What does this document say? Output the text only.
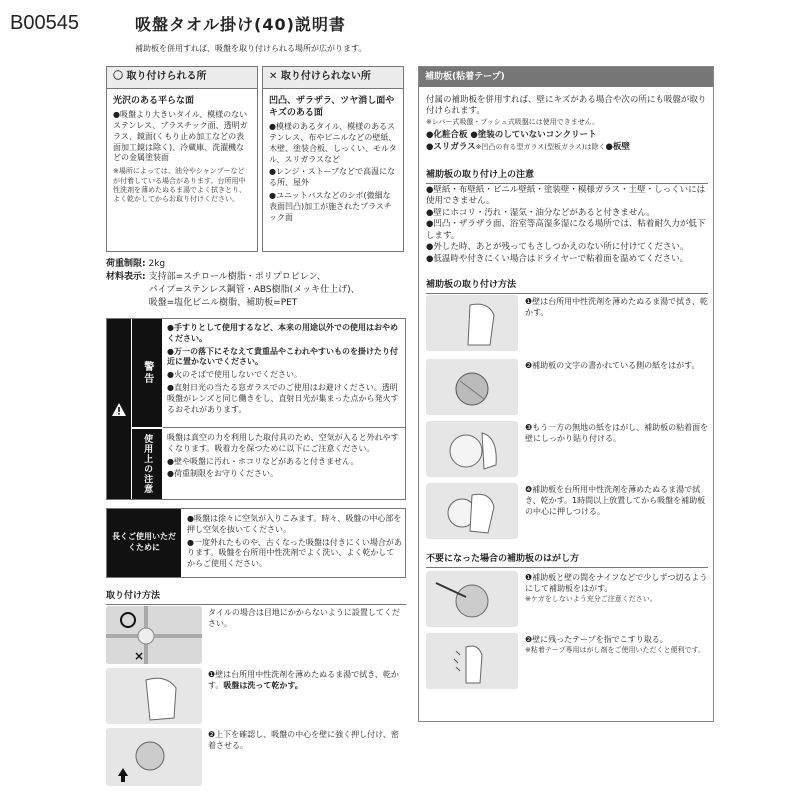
B00545	吸盤タオル掛け(40)説明書
補助板を併用すれば、吸盤を取り付けられる場所が広がります。
〇 取り付けられる所
光沢のある平らな面
●吸盤より大きいタイル、模様のないステンレス、プラスチック面、透明ガラス、鏡面(くもり止め加工などの表面加工鏡は除く)、冷蔵庫、洗濯機などの金属塗装面
※場所によっては、油分やシャンプーなどが付着している場合があります。台所用中性洗剤を薄めたぬるま湯でよく拭きとり、よく乾かしてからお取り付けください。
✕ 取り付けられない所
凹凸、ザラザラ、ツヤ消し面やキズのある面
●模様のあるタイル、模様のあるステンレス、布やビニルなどの壁紙、木壁、塗装合板、しっくい、モルタル、スリガラスなど
●レンジ・ストーブなどで高温になる所、屋外
●ユニットバスなどのシボ(微細な表面凹凸)加工が施されたプラスチック面
荷重制限: 2kg
材料表示: 支持部=スチロール樹脂・ポリプロピレン、
パイプ=ステンレス鋼管・ABS樹脂(メッキ仕上げ)、
吸盤=塩化ビニル樹脂、補助板=PET
警告
使用上の注意
●手すりとして使用するなど、本来の用途以外での使用はおやめください。
●万一の落下にそなえて貴重品やこわれやすいものを掛けたり付近に置かないでください。
●火のそばで使用しないでください。
●直射日光の当たる窓ガラスでのご使用はお避けください。透明吸盤がレンズと同じ働きをし、直射日光が集まった点から発火するおそれがあります。
吸盤は真空の力を利用した取付具のため、空気が入ると外れやすくなります。吸着力を保つために以下にご注意ください。
●壁や吸盤に汚れ・ホコリなどがあると付きません。
●荷重制限をお守りください。
長くご使用いただくために
●吸盤は徐々に空気が入りこみます。時々、吸盤の中心部を押し空気を抜いてください。
●一度外れたものや、古くなった吸盤は付きにくい場合があります。吸盤を台所用中性洗剤でよく洗い、よく乾かしてからご使用ください。
取り付け方法
×
タイルの場合は目地にかからないように設置してください。
❶壁は台所用中性洗剤を薄めたぬるま湯で拭き、乾かす。吸盤は洗って乾かす。
❷上下を確認し、吸盤の中心を壁に強く押し付け、密着させる。
補助板(粘着テープ)
付属の補助板を併用すれば、壁にキズがある場合や次の所にも吸盤が取り付けられます。
※レバー式吸盤・プッシュ式吸盤には使用できません。
●化粧合板 ●塗装のしていないコンクリート
●スリガラス※凹凸の有る型ガラス(型板ガラス)は除く●板壁
補助板の取り付け上の注意
●壁紙・布壁紙・ビニル壁紙・塗装壁・模様ガラス・土壁・しっくいには使用できません。
●壁にホコリ・汚れ・湿気・油分などがあると付きません。
●凹凸・ザラザラ面、浴室等高湿多湿になる場所では、粘着耐久力が低下します。
●外した時、あとが残ってもさしつかえのない所に付けてください。
●低温時や付きにくい場合はドライヤーで粘着面を温めてください。
補助板の取り付け方法
❶壁は台所用中性洗剤を薄めたぬるま湯で拭き、乾かす。
❷補助板の文字の書かれている側の紙をはがす。
❸もう一方の無地の紙をはがし、補助板の粘着面を壁にしっかり貼り付ける。
❹補助板を台所用中性洗剤を薄めたぬるま湯で拭き、乾かす。1時間以上放置してから吸盤を補助板の中心に押しつける。
不要になった場合の補助板のはがし方
❶補助板と壁の間をナイフなどで少しずつ切るようにして補助板をはがす。
※ケガをしないよう充分ご注意ください。
❷壁に残ったテープを指でこすり取る。
※粘着テープ専用はがし剤をご使用いただくと便利です。
